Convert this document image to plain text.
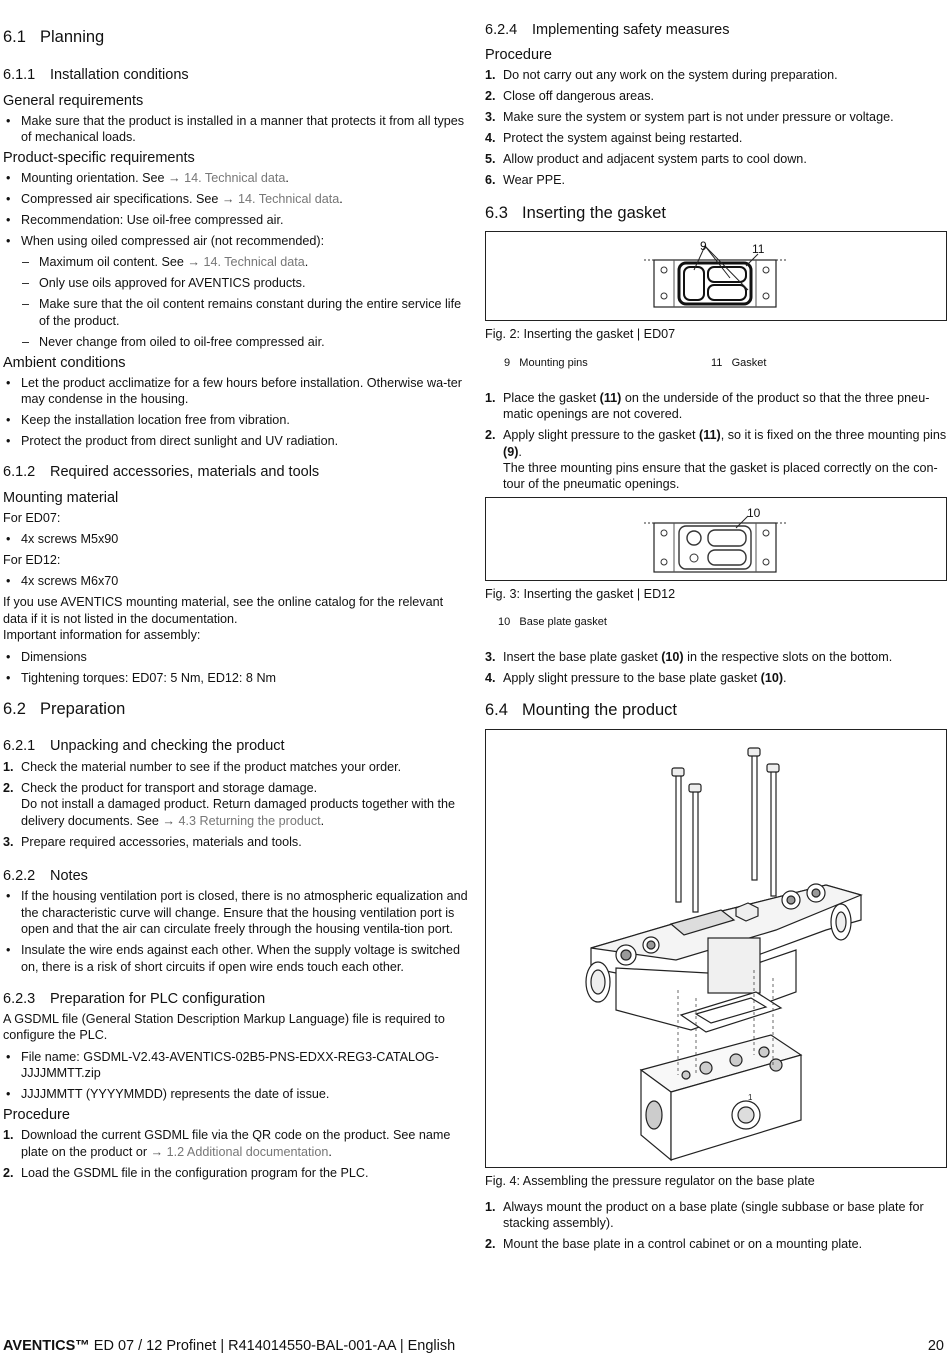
6.1 Planning
6.1.1	Installation conditions
General requirements
• Make sure that the product is installed in a manner that protects it from all types of mechanical loads.
Product-specific requirements
• Mounting orientation. See → 14. Technical data.
• Compressed air specifications. See → 14. Technical data.
• Recommendation: Use oil-free compressed air.
• When using oiled compressed air (not recommended):
– Maximum oil content. See → 14. Technical data.
– Only use oils approved for AVENTICS products.
– Make sure that the oil content remains constant during the entire service life of the product.
– Never change from oiled to oil-free compressed air.
Ambient conditions
• Let the product acclimatize for a few hours before installation. Otherwise wa-ter may condense in the housing.
• Keep the installation location free from vibration.
• Protect the product from direct sunlight and UV radiation.
6.1.2	Required accessories, materials and tools
Mounting material

For ED07:

• 4x screws M5x90

For ED12:

• 4x screws M6x70

If you use AVENTICS mounting material, see the online catalog for the relevant data if it is not listed in the documentation.

Important information for assembly:

• Dimensions
• Tightening torques: ED07: 5 Nm, ED12: 8 Nm
6.2 Preparation
6.2.1	Unpacking and checking the product
1. Check the material number to see if the product matches your order.
2. Check the product for transport and storage damage.
Do not install a damaged product. Return damaged products together with the delivery documents. See → 4.3 Returning the product.
3. Prepare required accessories, materials and tools.
6.2.2	Notes
• If the housing ventilation port is closed, there is no atmospheric equalization and the characteristic curve will change. Ensure that the housing ventilation port is open and that the air can circulate freely through the housing ventila-tion port.
• Insulate the wire ends against each other. When the supply voltage is switched on, there is a risk of short circuits if open wire ends touch each other.
6.2.3	Preparation for PLC configuration

A GSDML file (General Station Description Markup Language) file is required to configure the PLC.

• File name: GSDML-V2.43-AVENTICS-02B5-PNS-EDXX-REG3-CATALOG-JJJJMMTT.zip
• JJJJMMTT (YYYYMMDD) represents the date of issue.
Procedure
1. Download the current GSDML file via the QR code on the product. See name plate on the product or → 1.2 Additional documentation.
2. Load the GSDML file in the configuration program for the PLC.
6.2.4	Implementing safety measures
Procedure
1. Do not carry out any work on the system during preparation.
2. Close off dangerous areas.
3. Make sure the system or system part is not under pressure or voltage.
4. Protect the system against being restarted.
5. Allow product and adjacent system parts to cool down.
6. Wear PPE.
6.3 Inserting the gasket
9	11

Fig. 2: Inserting the gasket | ED07

9 Mounting pins	11 Gasket
1. Place the gasket (11) on the underside of the product so that the three pneu-matic openings are not covered.
2. Apply slight pressure to the gasket (11), so it is fixed on the three mounting pins (9).
The three mounting pins ensure that the gasket is placed correctly on the con-tour of the pneumatic openings.
10

Fig. 3: Inserting the gasket | ED12

10 Base plate gasket
3. Insert the base plate gasket (10) in the respective slots on the bottom.
4. Apply slight pressure to the base plate gasket (10).
6.4 Mounting the product
1

Fig. 4: Assembling the pressure regulator on the base plate

1. Always mount the product on a base plate (single subbase or base plate for stacking assembly).
2. Mount the base plate in a control cabinet or on a mounting plate.
AVENTICS™ ED 07 / 12 Profinet | R414014550-BAL-001-AA | English	20
